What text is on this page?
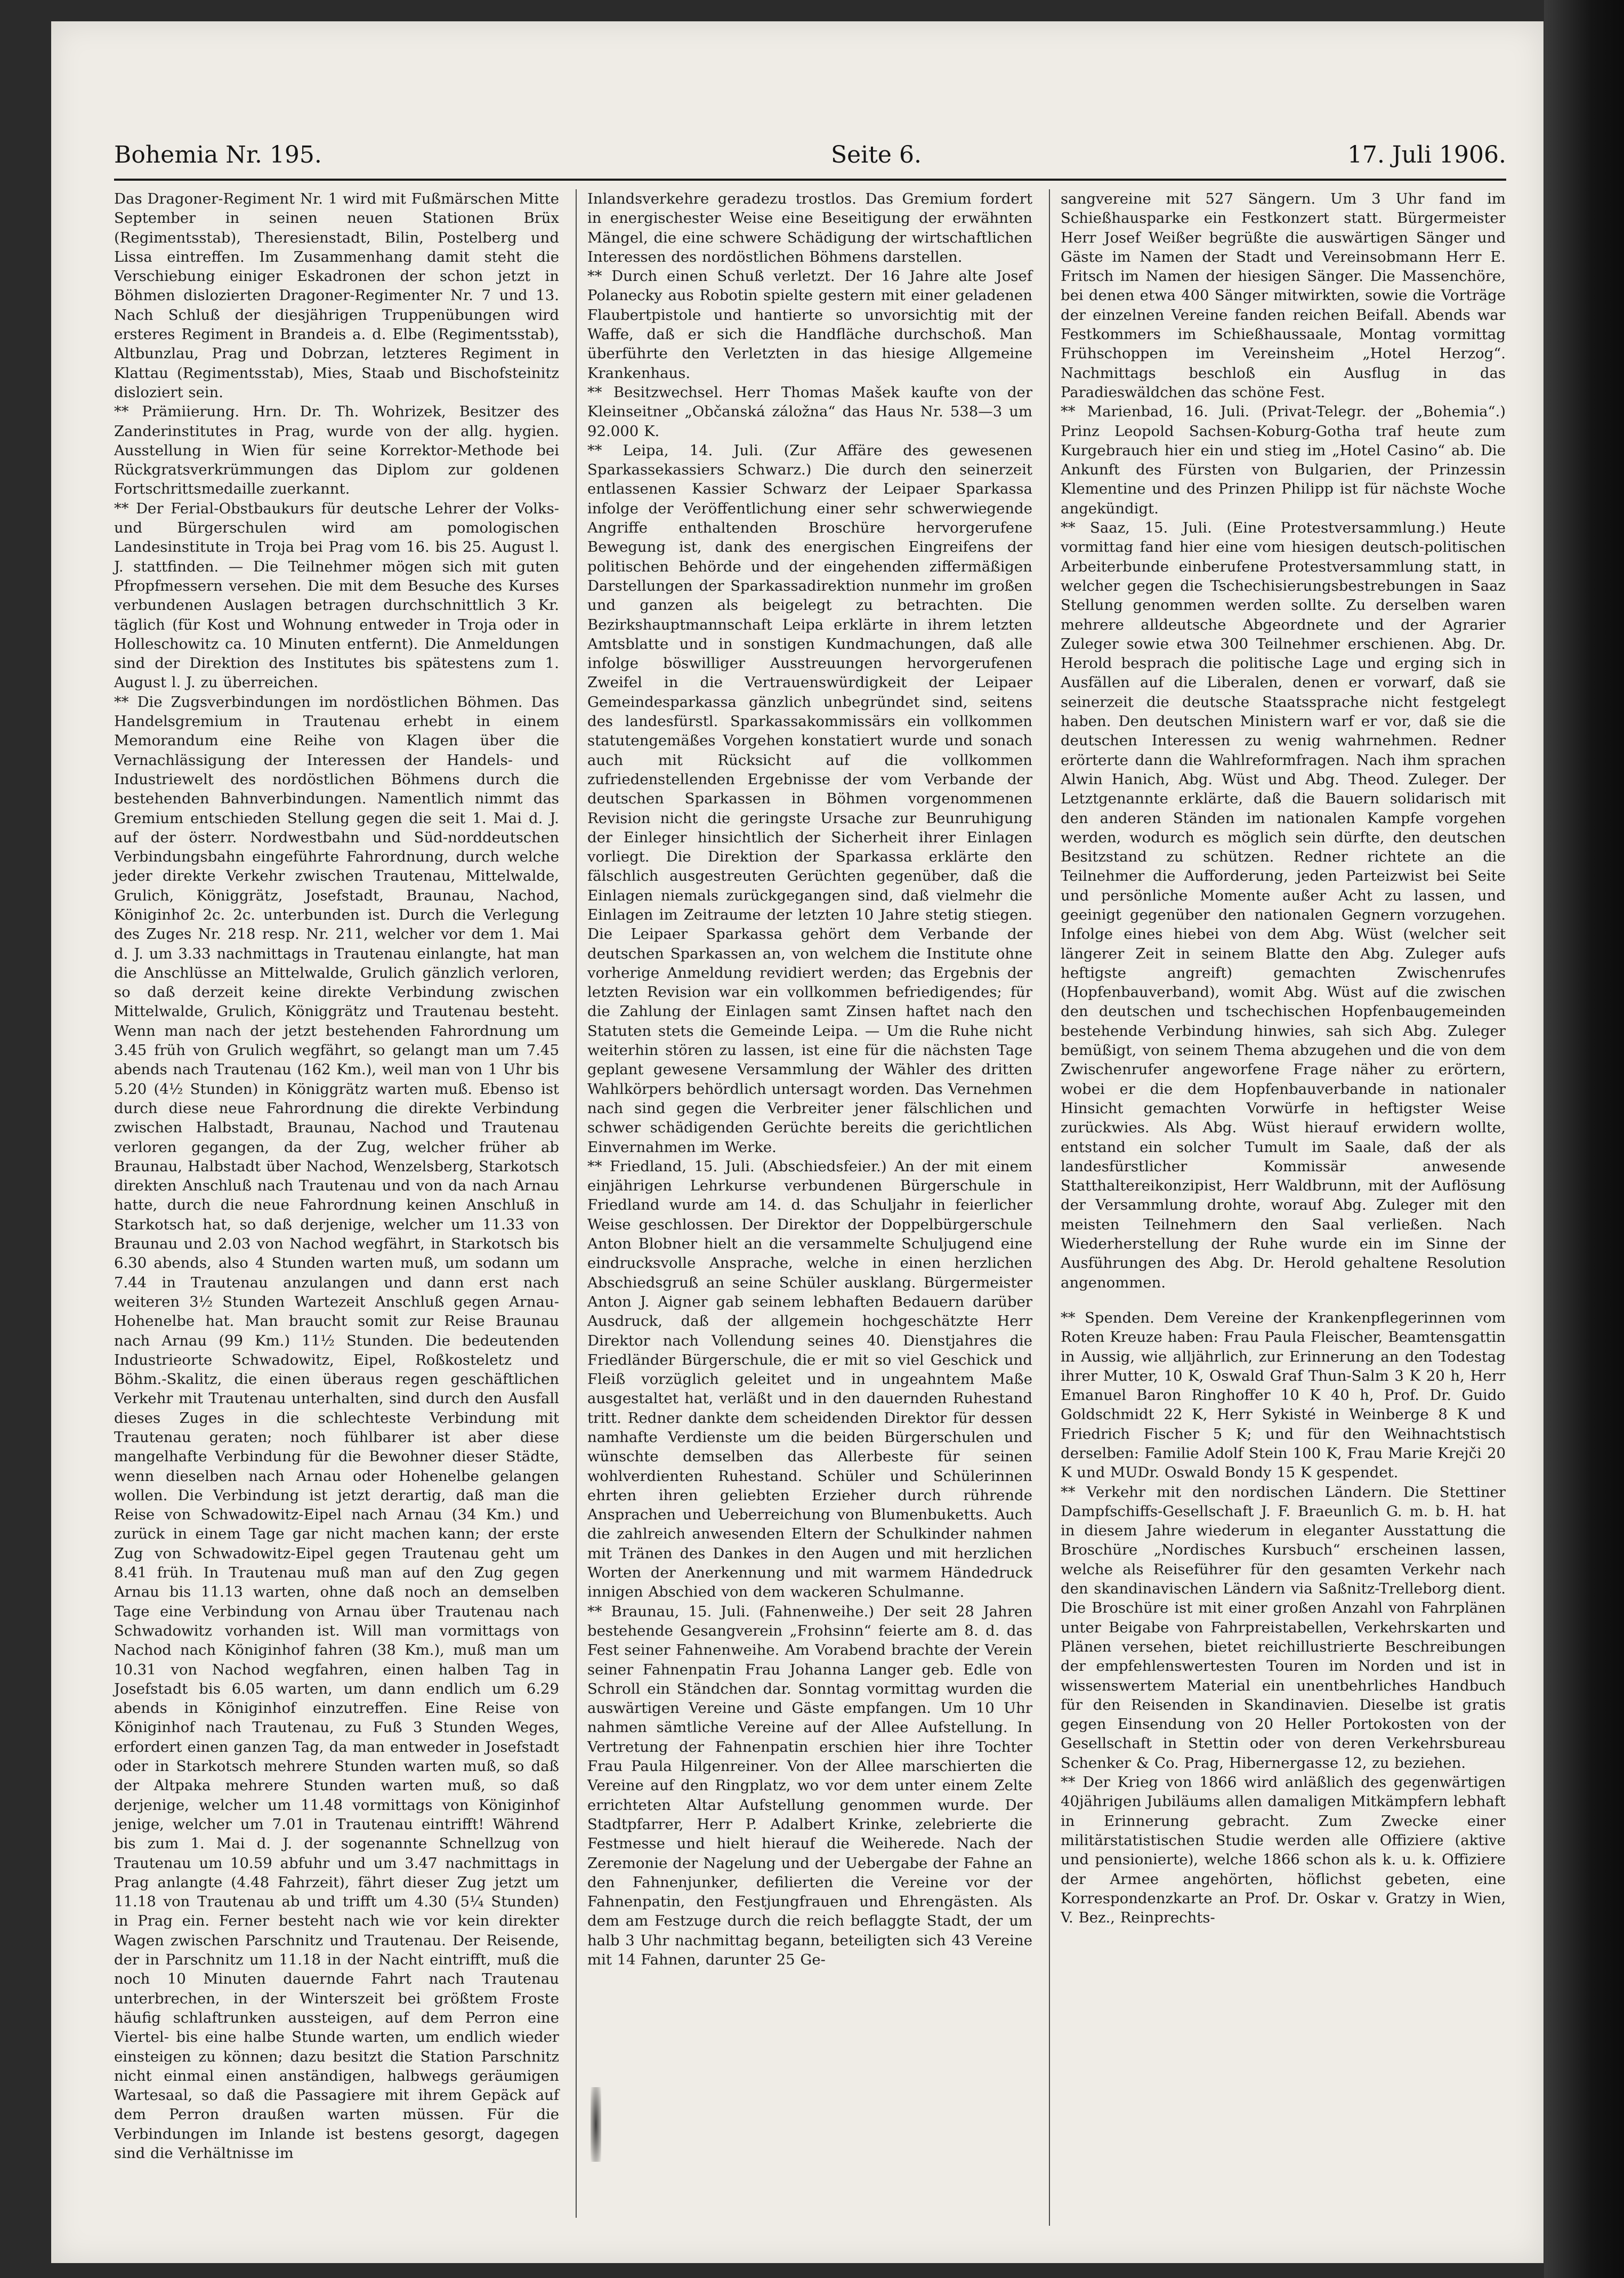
Bohemia Nr. 195.	Seite 6.	17. Juli 1906.

Das Dragoner-Regiment Nr. 1 wird mit Fußmärschen Mitte September in seinen neuen Stationen Brüx (Regimentsstab), Theresienstadt, Bilin, Postelberg und Lissa eintreffen. Im Zusammenhang damit steht die Verschiebung einiger Eskadronen der schon jetzt in Böhmen dislozierten Dragoner-Regimenter Nr. 7 und 13. Nach Schluß der diesjährigen Truppenübungen wird ersteres Regiment in Brandeis a. d. Elbe (Regimentsstab), Altbunzlau, Prag und Dobrzan, letzteres Regiment in Klattau (Regimentsstab), Mies, Staab und Bischofsteinitz disloziert sein.

** Prämiierung. Hrn. Dr. Th. Wohrizek, Besitzer des Zanderinstitutes in Prag, wurde von der allg. hygien. Ausstellung in Wien für seine Korrektor-Methode bei Rückgratsverkrümmungen das Diplom zur goldenen Fortschrittsmedaille zuerkannt.

** Der Ferial-Obstbaukurs für deutsche Lehrer der Volks- und Bürgerschulen wird am pomologischen Landesinstitute in Troja bei Prag vom 16. bis 25. August l. J. stattfinden. — Die Teilnehmer mögen sich mit guten Pfropfmessern versehen. Die mit dem Besuche des Kurses verbundenen Auslagen betragen durchschnittlich 3 Kr. täglich (für Kost und Wohnung entweder in Troja oder in Holleschowitz ca. 10 Minuten entfernt). Die Anmeldungen sind der Direktion des Institutes bis spätestens zum 1. August l. J. zu überreichen.

** Die Zugsverbindungen im nordöstlichen Böhmen. Das Handelsgremium in Trautenau erhebt in einem Memorandum eine Reihe von Klagen über die Vernachlässigung der Interessen der Handels- und Industriewelt des nordöstlichen Böhmens durch die bestehenden Bahnverbindungen. Namentlich nimmt das Gremium entschieden Stellung gegen die seit 1. Mai d. J. auf der österr. Nordwestbahn und Süd-norddeutschen Verbindungsbahn eingeführte Fahrordnung, durch welche jeder direkte Verkehr zwischen Trautenau, Mittelwalde, Grulich, Königgrätz, Josefstadt, Braunau, Nachod, Königinhof 2c. 2c. unterbunden ist. Durch die Verlegung des Zuges Nr. 218 resp. Nr. 211, welcher vor dem 1. Mai d. J. um 3.33 nachmittags in Trautenau einlangte, hat man die Anschlüsse an Mittelwalde, Grulich gänzlich verloren, so daß derzeit keine direkte Verbindung zwischen Mittelwalde, Grulich, Königgrätz und Trautenau besteht. Wenn man nach der jetzt bestehenden Fahrordnung um 3.45 früh von Grulich wegfährt, so gelangt man um 7.45 abends nach Trautenau (162 Km.), weil man von 1 Uhr bis 5.20 (4½ Stunden) in Königgrätz warten muß. Ebenso ist durch diese neue Fahrordnung die direkte Verbindung zwischen Halbstadt, Braunau, Nachod und Trautenau verloren gegangen, da der Zug, welcher früher ab Braunau, Halbstadt über Nachod, Wenzelsberg, Starkotsch direkten Anschluß nach Trautenau und von da nach Arnau hatte, durch die neue Fahrordnung keinen Anschluß in Starkotsch hat, so daß derjenige, welcher um 11.33 von Braunau und 2.03 von Nachod wegfährt, in Starkotsch bis 6.30 abends, also 4 Stunden warten muß, um sodann um 7.44 in Trautenau anzulangen und dann erst nach weiteren 3½ Stunden Wartezeit Anschluß gegen Arnau-Hohenelbe hat. Man braucht somit zur Reise Braunau nach Arnau (99 Km.) 11½ Stunden. Die bedeutenden Industrieorte Schwadowitz, Eipel, Roßkosteletz und Böhm.-Skalitz, die einen überaus regen geschäftlichen Verkehr mit Trautenau unterhalten, sind durch den Ausfall dieses Zuges in die schlechteste Verbindung mit Trautenau geraten; noch fühlbarer ist aber diese mangelhafte Verbindung für die Bewohner dieser Städte, wenn dieselben nach Arnau oder Hohenelbe gelangen wollen. Die Verbindung ist jetzt derartig, daß man die Reise von Schwadowitz-Eipel nach Arnau (34 Km.) und zurück in einem Tage gar nicht machen kann; der erste Zug von Schwadowitz-Eipel gegen Trautenau geht um 8.41 früh. In Trautenau muß man auf den Zug gegen Arnau bis 11.13 warten, ohne daß noch an demselben Tage eine Verbindung von Arnau über Trautenau nach Schwadowitz vorhanden ist. Will man vormittags von Nachod nach Königinhof fahren (38 Km.), muß man um 10.31 von Nachod wegfahren, einen halben Tag in Josefstadt bis 6.05 warten, um dann endlich um 6.29 abends in Königinhof einzutreffen. Eine Reise von Königinhof nach Trautenau, zu Fuß 3 Stunden Weges, erfordert einen ganzen Tag, da man entweder in Josefstadt oder in Starkotsch mehrere Stunden warten muß, so daß der Altpaka mehrere Stunden warten muß, so daß derjenige, welcher um 11.48 vormittags von Königinhof jenige, welcher um 7.01 in Trautenau eintrifft! Während bis zum 1. Mai d. J. der sogenannte Schnellzug von Trautenau um 10.59 abfuhr und um 3.47 nachmittags in Prag anlangte (4.48 Fahrzeit), fährt dieser Zug jetzt um 11.18 von Trautenau ab und trifft um 4.30 (5¼ Stunden) in Prag ein. Ferner besteht nach wie vor kein direkter Wagen zwischen Parschnitz und Trautenau. Der Reisende, der in Parschnitz um 11.18 in der Nacht eintrifft, muß die noch 10 Minuten dauernde Fahrt nach Trautenau unterbrechen, in der Winterszeit bei größtem Froste häufig schlaftrunken aussteigen, auf dem Perron eine Viertel- bis eine halbe Stunde warten, um endlich wieder einsteigen zu können; dazu besitzt die Station Parschnitz nicht einmal einen anständigen, halbwegs geräumigen Wartesaal, so daß die Passagiere mit ihrem Gepäck auf dem Perron draußen warten müssen. Für die Verbindungen im Inlande ist bestens gesorgt, dagegen sind die Verhältnisse im

Inlandsverkehre geradezu trostlos. Das Gremium fordert in energischester Weise eine Beseitigung der erwähnten Mängel, die eine schwere Schädigung der wirtschaftlichen Interessen des nordöstlichen Böhmens darstellen.

** Durch einen Schuß verletzt. Der 16 Jahre alte Josef Polanecky aus Robotin spielte gestern mit einer geladenen Flaubertpistole und hantierte so unvorsichtig mit der Waffe, daß er sich die Handfläche durchschoß. Man überführte den Verletzten in das hiesige Allgemeine Krankenhaus.

** Besitzwechsel. Herr Thomas Mašek kaufte von der Kleinseitner „Občanská záložna“ das Haus Nr. 538—3 um 92.000 K.

** Leipa, 14. Juli. (Zur Affäre des gewesenen Sparkassekassiers Schwarz.) Die durch den seinerzeit entlassenen Kassier Schwarz der Leipaer Sparkassa infolge der Veröffentlichung einer sehr schwerwiegende Angriffe enthaltenden Broschüre hervorgerufene Bewegung ist, dank des energischen Eingreifens der politischen Behörde und der eingehenden ziffermäßigen Darstellungen der Sparkassadirektion nunmehr im großen und ganzen als beigelegt zu betrachten. Die Bezirkshauptmannschaft Leipa erklärte in ihrem letzten Amtsblatte und in sonstigen Kundmachungen, daß alle infolge böswilliger Ausstreuungen hervorgerufenen Zweifel in die Vertrauenswürdigkeit der Leipaer Gemeindesparkassa gänzlich unbegründet sind, seitens des landesfürstl. Sparkassakommissärs ein vollkommen statutengemäßes Vorgehen konstatiert wurde und sonach auch mit Rücksicht auf die vollkommen zufriedenstellenden Ergebnisse der vom Verbande der deutschen Sparkassen in Böhmen vorgenommenen Revision nicht die geringste Ursache zur Beunruhigung der Einleger hinsichtlich der Sicherheit ihrer Einlagen vorliegt. Die Direktion der Sparkassa erklärte den fälschlich ausgestreuten Gerüchten gegenüber, daß die Einlagen niemals zurückgegangen sind, daß vielmehr die Einlagen im Zeitraume der letzten 10 Jahre stetig stiegen. Die Leipaer Sparkassa gehört dem Verbande der deutschen Sparkassen an, von welchem die Institute ohne vorherige Anmeldung revidiert werden; das Ergebnis der letzten Revision war ein vollkommen befriedigendes; für die Zahlung der Einlagen samt Zinsen haftet nach den Statuten stets die Gemeinde Leipa. — Um die Ruhe nicht weiterhin stören zu lassen, ist eine für die nächsten Tage geplant gewesene Versammlung der Wähler des dritten Wahlkörpers behördlich untersagt worden. Das Vernehmen nach sind gegen die Verbreiter jener fälschlichen und schwer schädigenden Gerüchte bereits die gerichtlichen Einvernahmen im Werke.

** Friedland, 15. Juli. (Abschiedsfeier.) An der mit einem einjährigen Lehrkurse verbundenen Bürgerschule in Friedland wurde am 14. d. das Schuljahr in feierlicher Weise geschlossen. Der Direktor der Doppelbürgerschule Anton Blobner hielt an die versammelte Schuljugend eine eindrucksvolle Ansprache, welche in einen herzlichen Abschiedsgruß an seine Schüler ausklang. Bürgermeister Anton J. Aigner gab seinem lebhaften Bedauern darüber Ausdruck, daß der allgemein hochgeschätzte Herr Direktor nach Vollendung seines 40. Dienstjahres die Friedländer Bürgerschule, die er mit so viel Geschick und Fleiß vorzüglich geleitet und in ungeahntem Maße ausgestaltet hat, verläßt und in den dauernden Ruhestand tritt. Redner dankte dem scheidenden Direktor für dessen namhafte Verdienste um die beiden Bürgerschulen und wünschte demselben das Allerbeste für seinen wohlverdienten Ruhestand. Schüler und Schülerinnen ehrten ihren geliebten Erzieher durch rührende Ansprachen und Ueberreichung von Blumenbuketts. Auch die zahlreich anwesenden Eltern der Schulkinder nahmen mit Tränen des Dankes in den Augen und mit herzlichen Worten der Anerkennung und mit warmem Händedruck innigen Abschied von dem wackeren Schulmanne.

** Braunau, 15. Juli. (Fahnenweihe.) Der seit 28 Jahren bestehende Gesangverein „Frohsinn“ feierte am 8. d. das Fest seiner Fahnenweihe. Am Vorabend brachte der Verein seiner Fahnenpatin Frau Johanna Langer geb. Edle von Schroll ein Ständchen dar. Sonntag vormittag wurden die auswärtigen Vereine und Gäste empfangen. Um 10 Uhr nahmen sämtliche Vereine auf der Allee Aufstellung. In Vertretung der Fahnenpatin erschien hier ihre Tochter Frau Paula Hilgenreiner. Von der Allee marschierten die Vereine auf den Ringplatz, wo vor dem unter einem Zelte errichteten Altar Aufstellung genommen wurde. Der Stadtpfarrer, Herr P. Adalbert Krinke, zelebrierte die Festmesse und hielt hierauf die Weiherede. Nach der Zeremonie der Nagelung und der Uebergabe der Fahne an den Fahnenjunker, defilierten die Vereine vor der Fahnenpatin, den Festjungfrauen und Ehrengästen. Als dem am Festzuge durch die reich beflaggte Stadt, der um halb 3 Uhr nachmittag begann, beteiligten sich 43 Vereine mit 14 Fahnen, darunter 25 Ge-

sangvereine mit 527 Sängern. Um 3 Uhr fand im Schießhausparke ein Festkonzert statt. Bürgermeister Herr Josef Weißer begrüßte die auswärtigen Sänger und Gäste im Namen der Stadt und Vereinsobmann Herr E. Fritsch im Namen der hiesigen Sänger. Die Massenchöre, bei denen etwa 400 Sänger mitwirkten, sowie die Vorträge der einzelnen Vereine fanden reichen Beifall. Abends war Festkommers im Schießhaussaale, Montag vormittag Frühschoppen im Vereinsheim „Hotel Herzog“. Nachmittags beschloß ein Ausflug in das Paradieswäldchen das schöne Fest.

** Marienbad, 16. Juli. (Privat-Telegr. der „Bohemia“.) Prinz Leopold Sachsen-Koburg-Gotha traf heute zum Kurgebrauch hier ein und stieg im „Hotel Casino“ ab. Die Ankunft des Fürsten von Bulgarien, der Prinzessin Klementine und des Prinzen Philipp ist für nächste Woche angekündigt.

** Saaz, 15. Juli. (Eine Protestversammlung.) Heute vormittag fand hier eine vom hiesigen deutsch-politischen Arbeiterbunde einberufene Protestversammlung statt, in welcher gegen die Tschechisierungsbestrebungen in Saaz Stellung genommen werden sollte. Zu derselben waren mehrere alldeutsche Abgeordnete und der Agrarier Zuleger sowie etwa 300 Teilnehmer erschienen. Abg. Dr. Herold besprach die politische Lage und erging sich in Ausfällen auf die Liberalen, denen er vorwarf, daß sie seinerzeit die deutsche Staatssprache nicht festgelegt haben. Den deutschen Ministern warf er vor, daß sie die deutschen Interessen zu wenig wahrnehmen. Redner erörterte dann die Wahlreformfragen. Nach ihm sprachen Alwin Hanich, Abg. Wüst und Abg. Theod. Zuleger. Der Letztgenannte erklärte, daß die Bauern solidarisch mit den anderen Ständen im nationalen Kampfe vorgehen werden, wodurch es möglich sein dürfte, den deutschen Besitzstand zu schützen. Redner richtete an die Teilnehmer die Aufforderung, jeden Parteizwist bei Seite und persönliche Momente außer Acht zu lassen, und geeinigt gegenüber den nationalen Gegnern vorzugehen. Infolge eines hiebei von dem Abg. Wüst (welcher seit längerer Zeit in seinem Blatte den Abg. Zuleger aufs heftigste angreift) gemachten Zwischenrufes (Hopfenbauverband), womit Abg. Wüst auf die zwischen den deutschen und tschechischen Hopfenbaugemeinden bestehende Verbindung hinwies, sah sich Abg. Zuleger bemüßigt, von seinem Thema abzugehen und die von dem Zwischenrufer angeworfene Frage näher zu erörtern, wobei er die dem Hopfenbauverbande in nationaler Hinsicht gemachten Vorwürfe in heftigster Weise zurückwies. Als Abg. Wüst hierauf erwidern wollte, entstand ein solcher Tumult im Saale, daß der als landesfürstlicher Kommissär anwesende Statthaltereikonzipist, Herr Waldbrunn, mit der Auflösung der Versammlung drohte, worauf Abg. Zuleger mit den meisten Teilnehmern den Saal verließen. Nach Wiederherstellung der Ruhe wurde ein im Sinne der Ausführungen des Abg. Dr. Herold gehaltene Resolution angenommen.

** Spenden. Dem Vereine der Krankenpflegerinnen vom Roten Kreuze haben: Frau Paula Fleischer, Beamtensgattin in Aussig, wie alljährlich, zur Erinnerung an den Todestag ihrer Mutter, 10 K, Oswald Graf Thun-Salm 3 K 20 h, Herr Emanuel Baron Ringhoffer 10 K 40 h, Prof. Dr. Guido Goldschmidt 22 K, Herr Sykisté in Weinberge 8 K und Friedrich Fischer 5 K; und für den Weihnachtstisch derselben: Familie Adolf Stein 100 K, Frau Marie Krejči 20 K und MUDr. Oswald Bondy 15 K gespendet.

** Verkehr mit den nordischen Ländern. Die Stettiner Dampfschiffs-Gesellschaft J. F. Braeunlich G. m. b. H. hat in diesem Jahre wiederum in eleganter Ausstattung die Broschüre „Nordisches Kursbuch“ erscheinen lassen, welche als Reiseführer für den gesamten Verkehr nach den skandinavischen Ländern via Saßnitz-Trelleborg dient. Die Broschüre ist mit einer großen Anzahl von Fahrplänen unter Beigabe von Fahrpreistabellen, Verkehrskarten und Plänen versehen, bietet reichillustrierte Beschreibungen der empfehlenswertesten Touren im Norden und ist in wissenswertem Material ein unentbehrliches Handbuch für den Reisenden in Skandinavien. Dieselbe ist gratis gegen Einsendung von 20 Heller Portokosten von der Gesellschaft in Stettin oder von deren Verkehrsbureau Schenker & Co. Prag, Hibernergasse 12, zu beziehen.

** Der Krieg von 1866 wird anläßlich des gegenwärtigen 40jährigen Jubiläums allen damaligen Mitkämpfern lebhaft in Erinnerung gebracht. Zum Zwecke einer militärstatistischen Studie werden alle Offiziere (aktive und pensionierte), welche 1866 schon als k. u. k. Offiziere der Armee angehörten, höflichst gebeten, eine Korrespondenzkarte an Prof. Dr. Oskar v. Gratzy in Wien, V. Bez., Reinprechts-
